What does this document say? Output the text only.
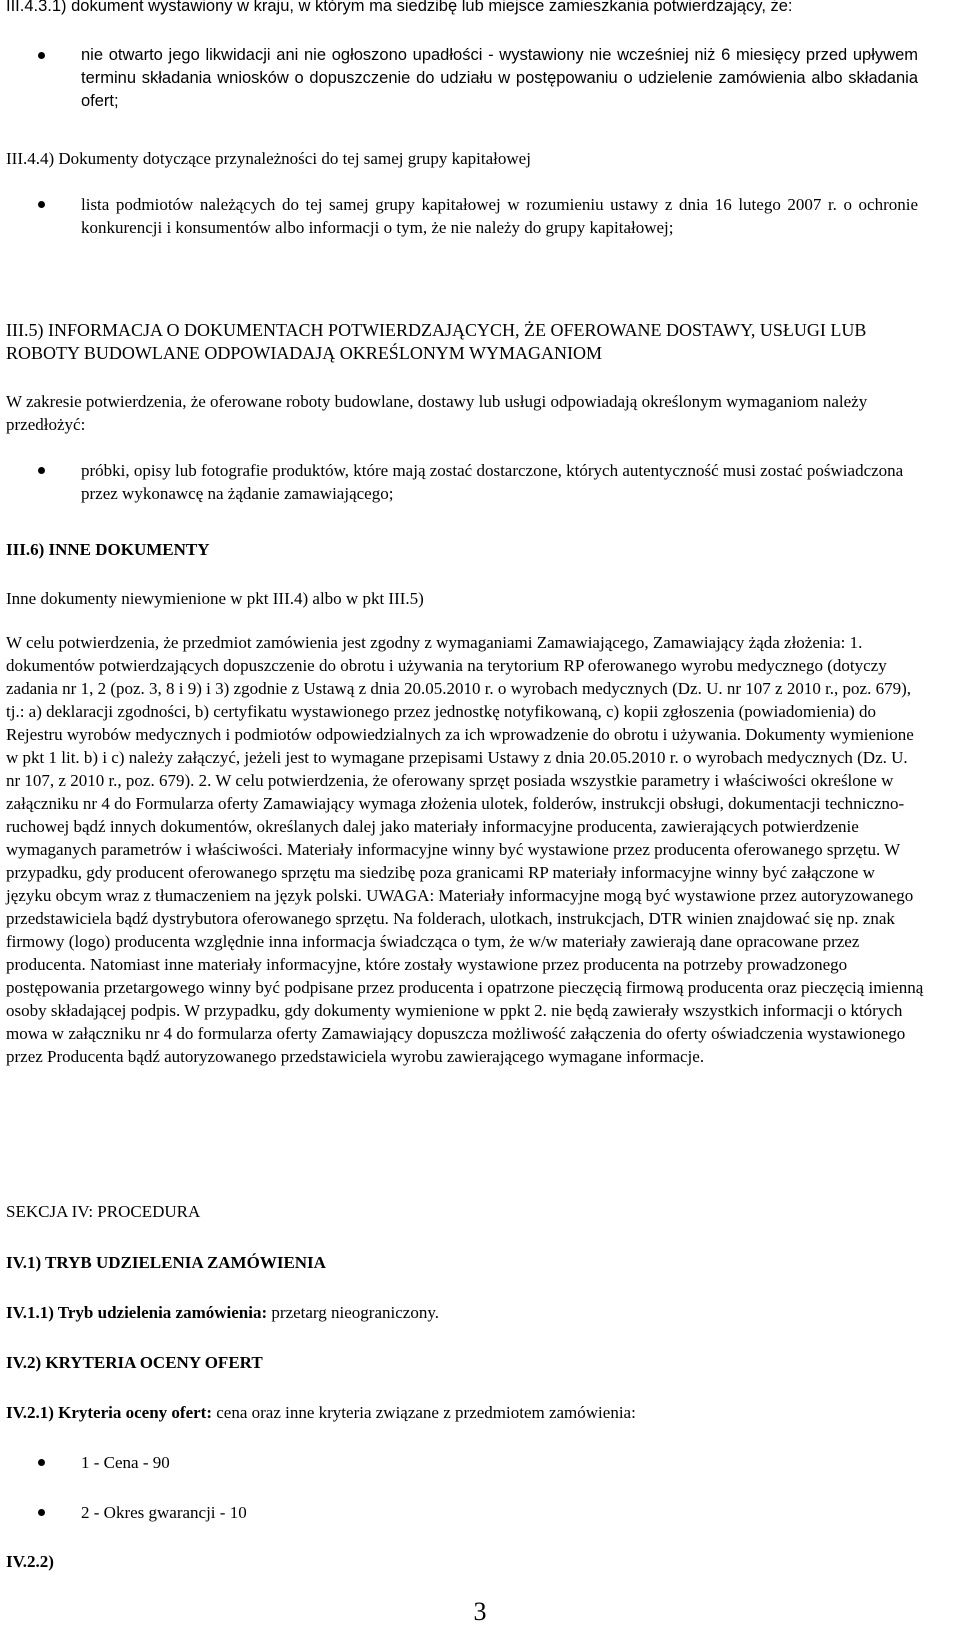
III.4.3.1) dokument wystawiony w kraju, w którym ma siedzibę lub miejsce zamieszkania potwierdzający, że:

nie otwarto jego likwidacji ani nie ogłoszono upadłości - wystawiony nie wcześniej niż 6 miesięcy przed upływem terminu składania wniosków o dopuszczenie do udziału w postępowaniu o udzielenie zamówienia albo składania ofert;

III.4.4) Dokumenty dotyczące przynależności do tej samej grupy kapitałowej

lista podmiotów należących do tej samej grupy kapitałowej w rozumieniu ustawy z dnia 16 lutego 2007 r. o ochronie konkurencji i konsumentów albo informacji o tym, że nie należy do grupy kapitałowej;

III.5) INFORMACJA O DOKUMENTACH POTWIERDZAJĄCYCH, ŻE OFEROWANE DOSTAWY, USŁUGI LUB ROBOTY BUDOWLANE ODPOWIADAJĄ OKREŚLONYM WYMAGANIOM

W zakresie potwierdzenia, że oferowane roboty budowlane, dostawy lub usługi odpowiadają określonym wymaganiom należy przedłożyć:

próbki, opisy lub fotografie produktów, które mają zostać dostarczone, których autentyczność musi zostać poświadczona przez wykonawcę na żądanie zamawiającego;

III.6) INNE DOKUMENTY

Inne dokumenty niewymienione w pkt III.4) albo w pkt III.5)

W celu potwierdzenia, że przedmiot zamówienia jest zgodny z wymaganiami Zamawiającego, Zamawiający żąda złożenia: 1. dokumentów potwierdzających dopuszczenie do obrotu i używania na terytorium RP oferowanego wyrobu medycznego (dotyczy zadania nr 1, 2 (poz. 3, 8 i 9) i 3) zgodnie z Ustawą z dnia 20.05.2010 r. o wyrobach medycznych (Dz. U. nr 107 z 2010 r., poz. 679), tj.: a) deklaracji zgodności, b) certyfikatu wystawionego przez jednostkę notyfikowaną, c) kopii zgłoszenia (powiadomienia) do Rejestru wyrobów medycznych i podmiotów odpowiedzialnych za ich wprowadzenie do obrotu i używania. Dokumenty wymienione w pkt 1 lit. b) i c) należy załączyć, jeżeli jest to wymagane przepisami Ustawy z dnia 20.05.2010 r. o wyrobach medycznych (Dz. U. nr 107, z 2010 r., poz. 679). 2. W celu potwierdzenia, że oferowany sprzęt posiada wszystkie parametry i właściwości określone w załączniku nr 4 do Formularza oferty Zamawiający wymaga złożenia ulotek, folderów, instrukcji obsługi, dokumentacji techniczno-ruchowej bądź innych dokumentów, określanych dalej jako materiały informacyjne producenta, zawierających potwierdzenie wymaganych parametrów i właściwości. Materiały informacyjne winny być wystawione przez producenta oferowanego sprzętu. W przypadku, gdy producent oferowanego sprzętu ma siedzibę poza granicami RP materiały informacyjne winny być załączone w języku obcym wraz z tłumaczeniem na język polski. UWAGA: Materiały informacyjne mogą być wystawione przez autoryzowanego przedstawiciela bądź dystrybutora oferowanego sprzętu. Na folderach, ulotkach, instrukcjach, DTR winien znajdować się np. znak firmowy (logo) producenta względnie inna informacja świadcząca o tym, że w/w materiały zawierają dane opracowane przez producenta. Natomiast inne materiały informacyjne, które zostały wystawione przez producenta na potrzeby prowadzonego postępowania przetargowego winny być podpisane przez producenta i opatrzone pieczęcią firmową producenta oraz pieczęcią imienną osoby składającej podpis. W przypadku, gdy dokumenty wymienione w ppkt 2. nie będą zawierały wszystkich informacji o których mowa w załączniku nr 4 do formularza oferty Zamawiający dopuszcza możliwość załączenia do oferty oświadczenia wystawionego przez Producenta bądź autoryzowanego przedstawiciela wyrobu zawierającego wymagane informacje.

SEKCJA IV: PROCEDURA

IV.1) TRYB UDZIELENIA ZAMÓWIENIA

IV.1.1) Tryb udzielenia zamówienia: przetarg nieograniczony.

IV.2) KRYTERIA OCENY OFERT

IV.2.1) Kryteria oceny ofert: cena oraz inne kryteria związane z przedmiotem zamówienia:

1 - Cena - 90
2 - Okres gwarancji - 10

IV.2.2)

3
